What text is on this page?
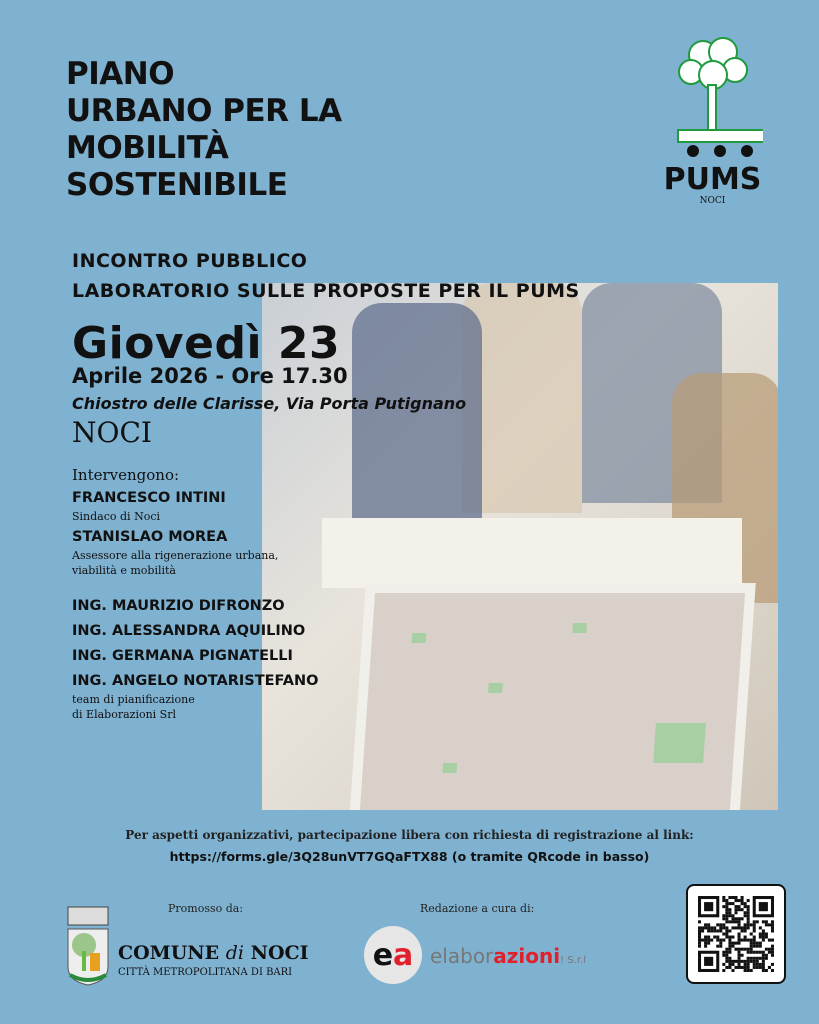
PIANO
URBANO PER LA
MOBILITÀ
SOSTENIBILE	PUMS
NOCI
INCONTRO PUBBLICO
LABORATORIO SULLE PROPOSTE PER IL PUMS
Giovedì 23
Aprile 2026 - Ore 17.30
Chiostro delle Clarisse, Via Porta Putignano
NOCI
Intervengono:
FRANCESCO INTINI
Sindaco di Noci
STANISLAO MOREA
Assessore alla rigenerazione urbana,
viabilità e mobilità
ING. MAURIZIO DIFRONZO
ING. ALESSANDRA AQUILINO
ING. GERMANA PIGNATELLI
ING. ANGELO NOTARISTEFANO
team di pianificazione
di Elaborazioni Srl
Per aspetti organizzativi, partecipazione libera con richiesta di registrazione al link:
https://forms.gle/3Q28unVT7GQaFTX88 (o tramite QRcode in basso)
Promosso da:
COMUNE di NOCI
CITTÀ METROPOLITANA DI BARI
Redazione a cura di:
e a elaborazioni! S.r.l
